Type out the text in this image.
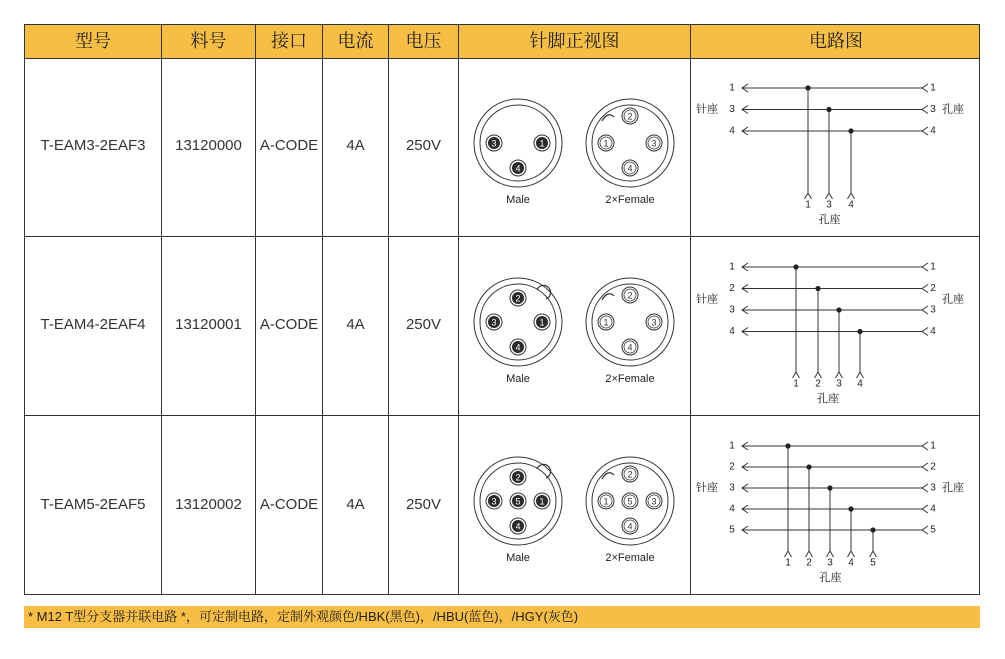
型号	料号	接口	电流	电压	针脚正视图	电路图
T-EAM3-2EAF3	13120000	A-CODE	4A	250V
T-EAM4-2EAF4	13120001	A-CODE	4A	250V
T-EAM5-2EAF5	13120002	A-CODE	4A	250V
3	1
4
Male
2
1	3
4
2×Female
1	1
1
3	3
3
4	4
4
针座	孔座
孔座
2
3	1
4
Male
2
1	3
4
2×Female
1	1
1
2	2
2
3	3
3
4	4
4
针座	孔座
孔座
2
3 5 1
4
Male
2
1 5 3
4
2×Female
1	1
1
2	2
2
3	3
3
4	4
4
5	5
5
针座	孔座
孔座
* M12 T型分支器并联电路 *，可定制电路，定制外观颜色/HBK(黑色)，/HBU(蓝色)，/HGY(灰色)
